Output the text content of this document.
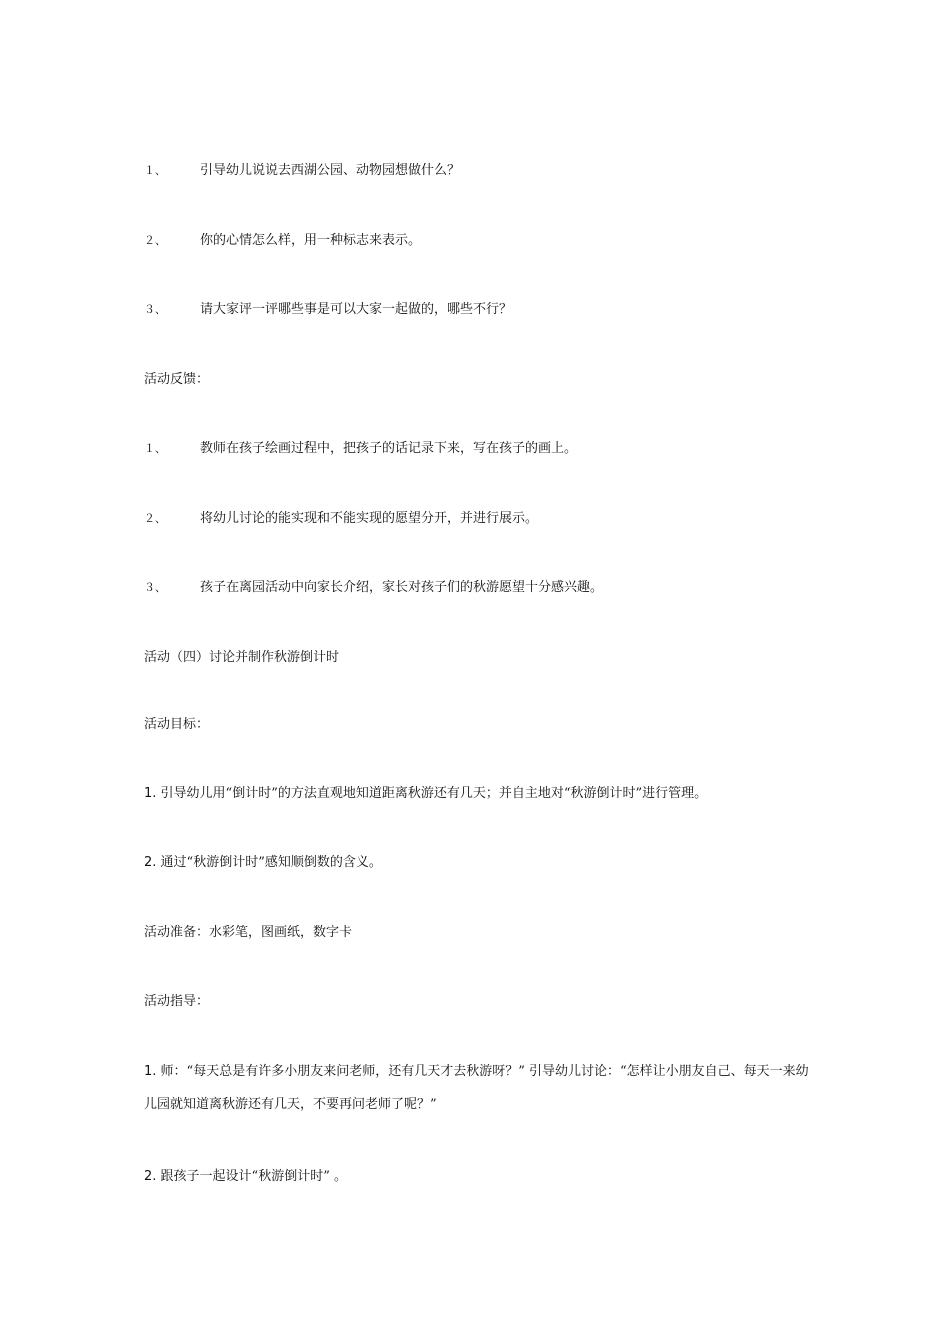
１、	引导幼儿说说去西湖公园、动物园想做什么？
２、	你的心情怎么样，用一种标志来表示。
３、	请大家评一评哪些事是可以大家一起做的，哪些不行？
活动反馈：
１、	教师在孩子绘画过程中，把孩子的话记录下来，写在孩子的画上。
２、	将幼儿讨论的能实现和不能实现的愿望分开，并进行展示。
３、	孩子在离园活动中向家长介绍，家长对孩子们的秋游愿望十分感兴趣。
活动（四）讨论并制作秋游倒计时
活动目标：
1. 引导幼儿用“倒计时”的方法直观地知道距离秋游还有几天；并自主地对“秋游倒计时”进行管理。
2. 通过“秋游倒计时”感知顺倒数的含义。
活动准备：水彩笔，图画纸，数字卡
活动指导：
1. 师：“每天总是有许多小朋友来问老师，还有几天才去秋游呀？” 引导幼儿讨论：“怎样让小朋友自己、每天一来幼儿园就知道离秋游还有几天，不要再问老师了呢？”
2. 跟孩子一起设计“秋游倒计时” 。
